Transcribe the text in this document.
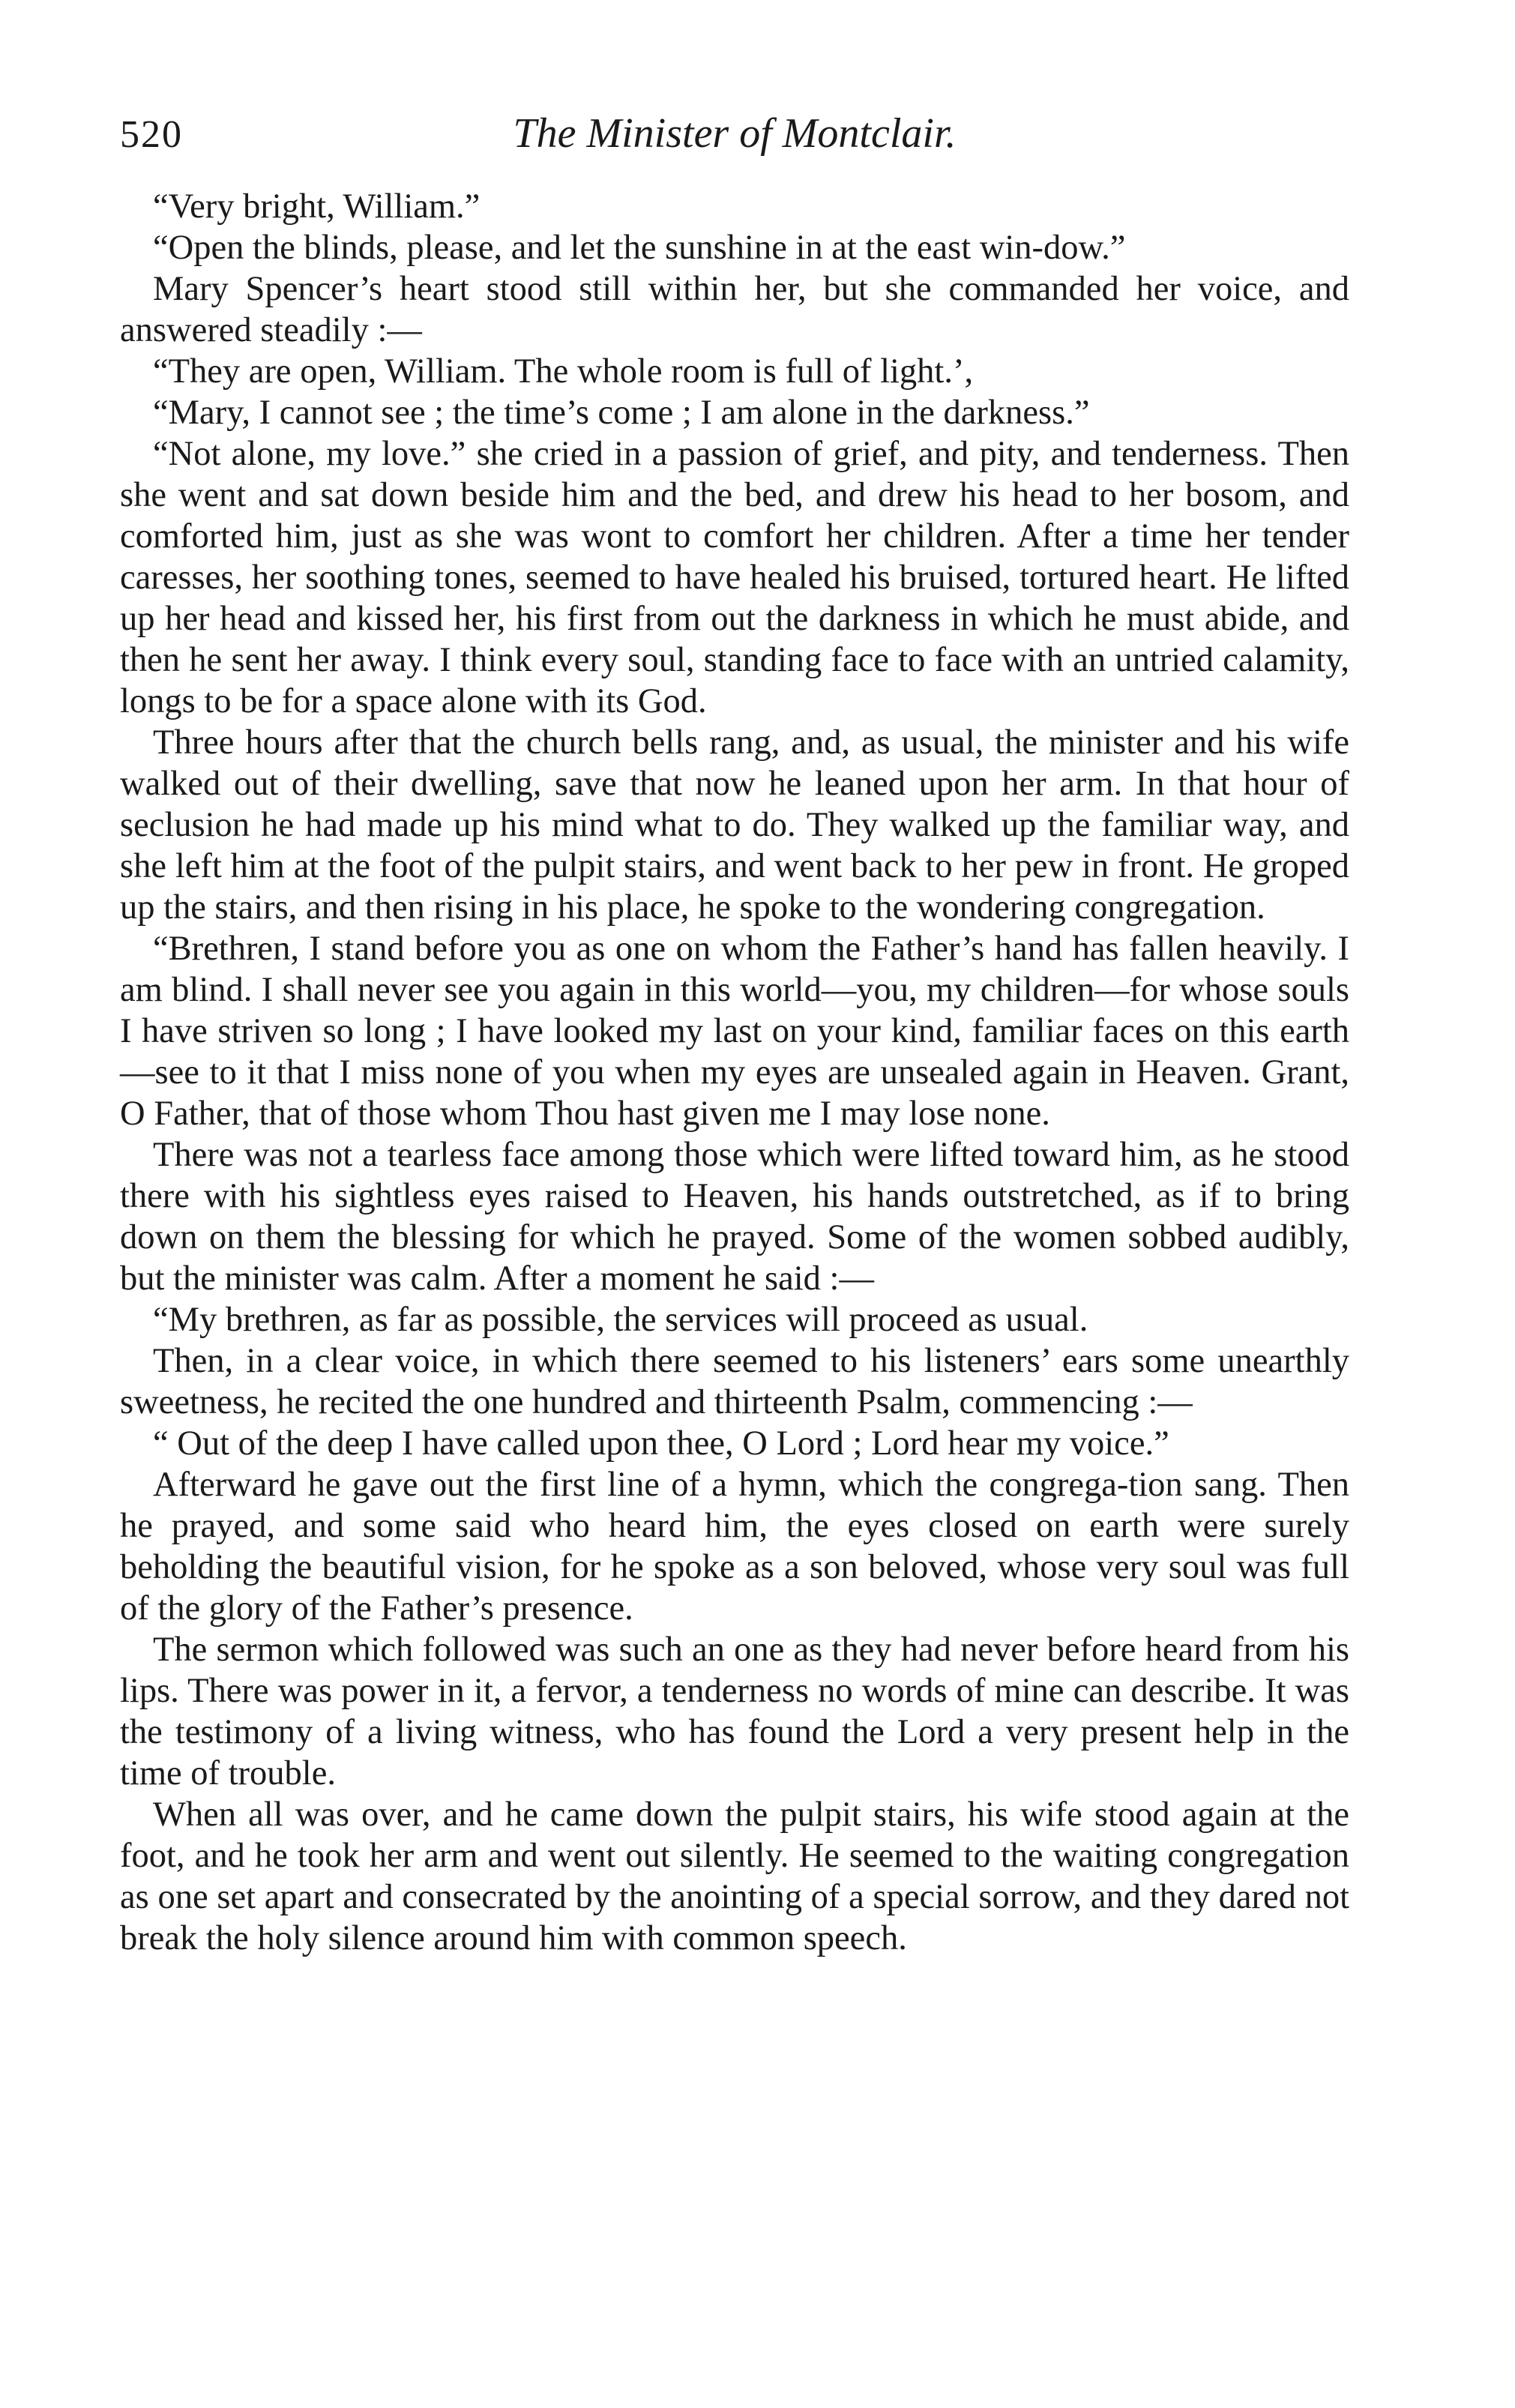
520	The Minister of Montclair.

“Very bright, William.”

“Open the blinds, please, and let the sunshine in at the east win-dow.”

Mary Spencer’s heart stood still within her, but she commanded her voice, and answered steadily :—

“They are open, William. The whole room is full of light.’,

“Mary, I cannot see ; the time’s come ; I am alone in the darkness.”

“Not alone, my love.” she cried in a passion of grief, and pity, and tenderness. Then she went and sat down beside him and the bed, and drew his head to her bosom, and comforted him, just as she was wont to comfort her children. After a time her tender caresses, her soothing tones, seemed to have healed his bruised, tortured heart. He lifted up her head and kissed her, his first from out the darkness in which he must abide, and then he sent her away. I think every soul, standing face to face with an untried calamity, longs to be for a space alone with its God.

Three hours after that the church bells rang, and, as usual, the minister and his wife walked out of their dwelling, save that now he leaned upon her arm. In that hour of seclusion he had made up his mind what to do. They walked up the familiar way, and she left him at the foot of the pulpit stairs, and went back to her pew in front. He groped up the stairs, and then rising in his place, he spoke to the wondering congregation.

“Brethren, I stand before you as one on whom the Father’s hand has fallen heavily. I am blind. I shall never see you again in this world—you, my children—for whose souls I have striven so long ; I have looked my last on your kind, familiar faces on this earth—see to it that I miss none of you when my eyes are unsealed again in Heaven. Grant, O Father, that of those whom Thou hast given me I may lose none.

There was not a tearless face among those which were lifted toward him, as he stood there with his sightless eyes raised to Heaven, his hands outstretched, as if to bring down on them the blessing for which he prayed. Some of the women sobbed audibly, but the minister was calm. After a moment he said :—

“My brethren, as far as possible, the services will proceed as usual.

Then, in a clear voice, in which there seemed to his listeners’ ears some unearthly sweetness, he recited the one hundred and thirteenth Psalm, commencing :—

“ Out of the deep I have called upon thee, O Lord ; Lord hear my voice.”

Afterward he gave out the first line of a hymn, which the congrega-tion sang. Then he prayed, and some said who heard him, the eyes closed on earth were surely beholding the beautiful vision, for he spoke as a son beloved, whose very soul was full of the glory of the Father’s presence.

The sermon which followed was such an one as they had never before heard from his lips. There was power in it, a fervor, a tenderness no words of mine can describe. It was the testimony of a living witness, who has found the Lord a very present help in the time of trouble.

When all was over, and he came down the pulpit stairs, his wife stood again at the foot, and he took her arm and went out silently. He seemed to the waiting congregation as one set apart and consecrated by the anointing of a special sorrow, and they dared not break the holy silence around him with common speech.
